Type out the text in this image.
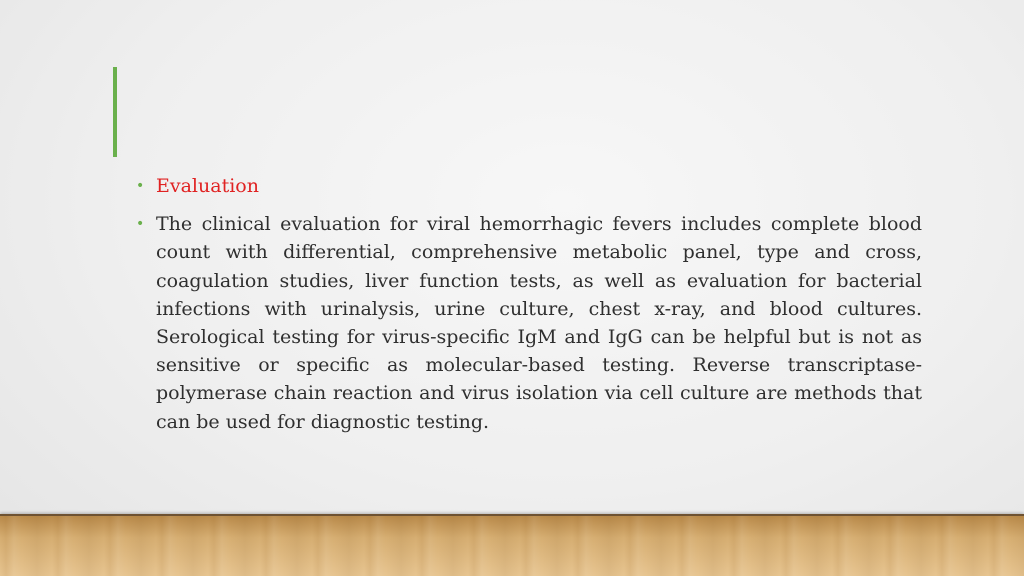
• Evaluation
• The clinical evaluation for viral hemorrhagic fevers includes complete blood count with differential, comprehensive metabolic panel, type and cross, coagulation studies, liver function tests, as well as evaluation for bacterial infections with urinalysis, urine culture, chest x-ray, and blood cultures. Serological testing for virus-specific IgM and IgG can be helpful but is not as sensitive or specific as molecular-based testing. Reverse transcriptase-polymerase chain reaction and virus isolation via cell culture are methods that can be used for diagnostic testing.
